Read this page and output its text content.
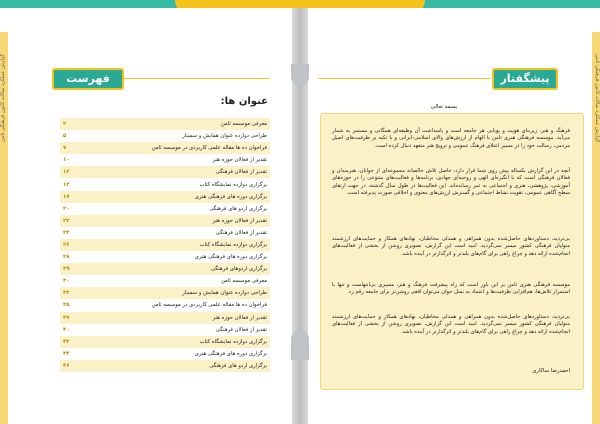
گزارش عملکرد سالانه کانون فرهنگی ثامن	فهرست
عنوان ها:
معرفی موسسه ثامن
۲
طراحی دوازده عنوان همایش و سمینار
۵
فراخوان ده ها مقاله علمی کاربردی در موسسه ثامن
۷
تقدیر از فعالان حوزه هنر
۱۰
تقدیر از فعالان فرهنگی
۱۲
برگزاری دوازده نمایشگاه کتاب
۱۴
برگزاری دوره های فرهنگی هنری
۱۷
برگزاری اردو های فرهنگی
۲۰
تقدیر از فعالان حوزه هنر
۲۲
تقدیر از فعالان فرهنگی
۲۴
برگزاری دوازده نمایشگاه کتاب
۲۶
برگزاری دوره های فرهنگی هنری
۲۸
برگزاری اردوهای فرهنگی
۲۹
معرفی موسسه ثامن
۳۰
طراحی دوازده عنوان همایش و سمینار
۳۳
فراخوان ده ها مقاله علمی کاربردی در موسسه ثامن
۳۵
تقدیر از فعالان حوزه هنر
۳۷
تقدیر از فعالان فرهنگی
۴۰
برگزاری دوازده نمایشگاه کتاب
۴۲
برگزاری دوره های فرهنگی هنری
۴۴
برگزاری اردو های فرهنگی
۴۶
گزارش عملکرد سالانه کانون فرهنگی ثامن
پیشگفتار
بسمه تعالی
فرهنگ و هنر، زیربنای هویت و پویایی هر جامعه است و پاسداشت آن وظیفه‌ای همگانی و مستمر به شمار می‌آید. موسسه فرهنگی هنری ثامن با الهام از ارزش‌های والای اسلامی-ایرانی و با تکیه بر ظرفیت‌های اصیل مردمی، رسالت خود را در مسیر اعتلای فرهنگ عمومی و ترویج هنر متعهد دنبال کرده است.
آنچه در این گزارش یکساله پیش روی شما قرار دارد، حاصل تلاش خالصانه مجموعه‌ای از جوانان، هنرمندان و فعالان فرهنگی است که با انگیزه‌ای الهی و روحیه‌ای جهادی، برنامه‌ها و فعالیت‌های متنوعی را در حوزه‌های آموزشی، پژوهشی، هنری و اجتماعی به ثمر رسانده‌اند. این فعالیت‌ها در طول سال گذشته، در جهت ارتقای سطح آگاهی عمومی، تقویت نشاط اجتماعی و گسترش ارزش‌های معنوی و اخلاقی صورت پذیرفته است.
بی‌تردید، دستاوردهای حاصل‌شده بدون همراهی و همدلی مخاطبان، نهادهای همکار و حمایت‌های ارزشمند متولیان فرهنگی کشور میسر نمی‌گردید. امید است این گزارش، تصویری روشن از بخشی از فعالیت‌های انجام‌شده ارائه دهد و چراغ راهی برای گام‌های بلندتر و اثرگذارتر در آینده باشد.
موسسه فرهنگی هنری ثامن بر این باور است که راه پیشرفت فرهنگ و هنر، مسیری بی‌انتهاست و تنها با استمرار تلاش‌ها، هم‌افزایی ظرفیت‌ها و اعتماد به نسل جوان می‌توان افقی روشن‌تر برای جامعه رقم زد.
بی‌تردید، دستاوردهای حاصل‌شده بدون همراهی و همدلی مخاطبان، نهادهای همکار و حمایت‌های ارزشمند متولیان فرهنگی کشور میسر نمی‌گردید. امید است این گزارش، تصویری روشن از بخشی از فعالیت‌های انجام‌شده ارائه دهد و چراغ راهی برای گام‌های بلندتر و اثرگذارتر در آینده باشد.
احمدرضا ساکاری
